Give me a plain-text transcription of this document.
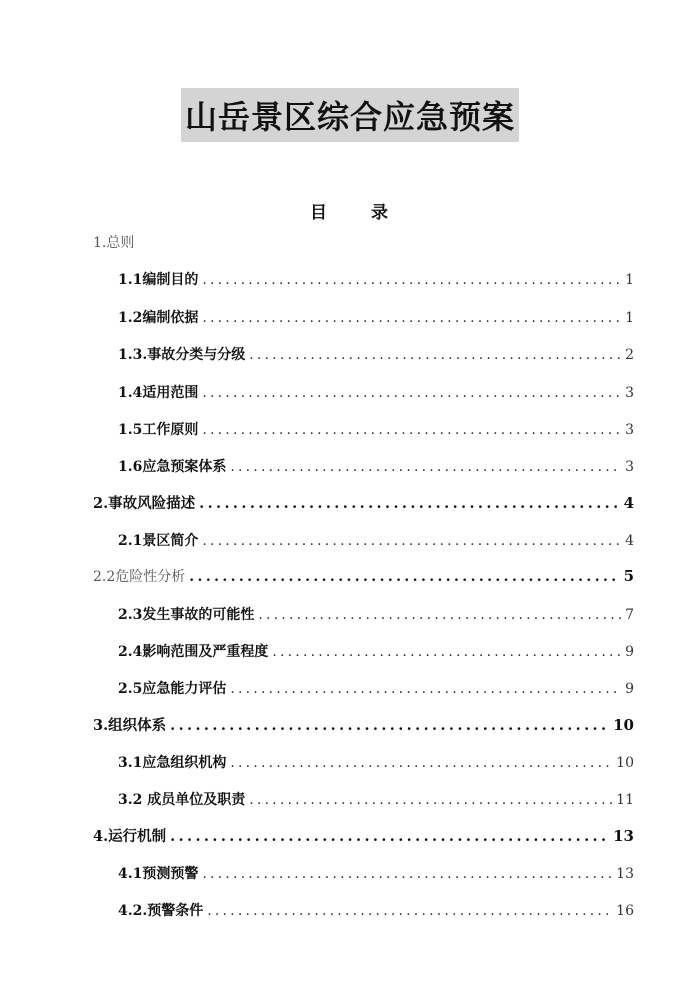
山岳景区综合应急预案
目 录
1.总则
1.1编制目的 .....	1
1.2编制依据 .....	1
1.3.事故分类与分级 .....	2
1.4适用范围 .....	3
1.5工作原则 .....	3
1.6应急预案体系 .....	3
2.事故风险描述 .....	4
2.1景区简介 .....	4
2.2危险性分析 .....	5
2.3发生事故的可能性 .....	7
2.4影响范围及严重程度 .....	9
2.5应急能力评估 .....	9
3.组织体系 .....	10
3.1应急组织机构 .....	10
3.2 成员单位及职责 .....	11
4.运行机制 .....	13
4.1预测预警 .....	13
4.2.预警条件 .....	16
